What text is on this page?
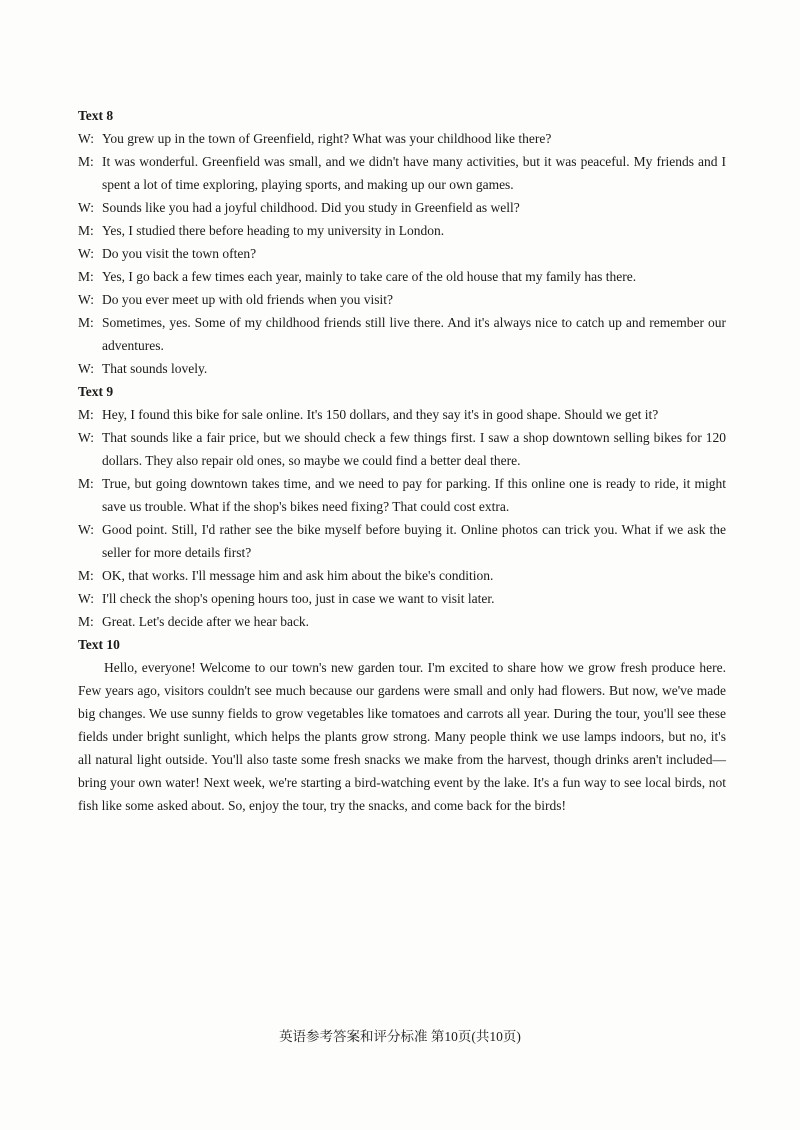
Text 8
W: You grew up in the town of Greenfield, right? What was your childhood like there?
M: It was wonderful. Greenfield was small, and we didn't have many activities, but it was peaceful. My friends and I spent a lot of time exploring, playing sports, and making up our own games.
W: Sounds like you had a joyful childhood. Did you study in Greenfield as well?
M: Yes, I studied there before heading to my university in London.
W: Do you visit the town often?
M: Yes, I go back a few times each year, mainly to take care of the old house that my family has there.
W: Do you ever meet up with old friends when you visit?
M: Sometimes, yes. Some of my childhood friends still live there. And it's always nice to catch up and remember our adventures.
W: That sounds lovely.
Text 9
M: Hey, I found this bike for sale online. It's 150 dollars, and they say it's in good shape. Should we get it?
W: That sounds like a fair price, but we should check a few things first. I saw a shop downtown selling bikes for 120 dollars. They also repair old ones, so maybe we could find a better deal there.
M: True, but going downtown takes time, and we need to pay for parking. If this online one is ready to ride, it might save us trouble. What if the shop's bikes need fixing? That could cost extra.
W: Good point. Still, I'd rather see the bike myself before buying it. Online photos can trick you. What if we ask the seller for more details first?
M: OK, that works. I'll message him and ask him about the bike's condition.
W: I'll check the shop's opening hours too, just in case we want to visit later.
M: Great. Let's decide after we hear back.
Text 10
Hello, everyone! Welcome to our town's new garden tour. I'm excited to share how we grow fresh produce here. Few years ago, visitors couldn't see much because our gardens were small and only had flowers. But now, we've made big changes. We use sunny fields to grow vegetables like tomatoes and carrots all year. During the tour, you'll see these fields under bright sunlight, which helps the plants grow strong. Many people think we use lamps indoors, but no, it's all natural light outside. You'll also taste some fresh snacks we make from the harvest, though drinks aren't included—bring your own water! Next week, we're starting a bird-watching event by the lake. It's a fun way to see local birds, not fish like some asked about. So, enjoy the tour, try the snacks, and come back for the birds!
英语参考答案和评分标准 第10页(共10页)
